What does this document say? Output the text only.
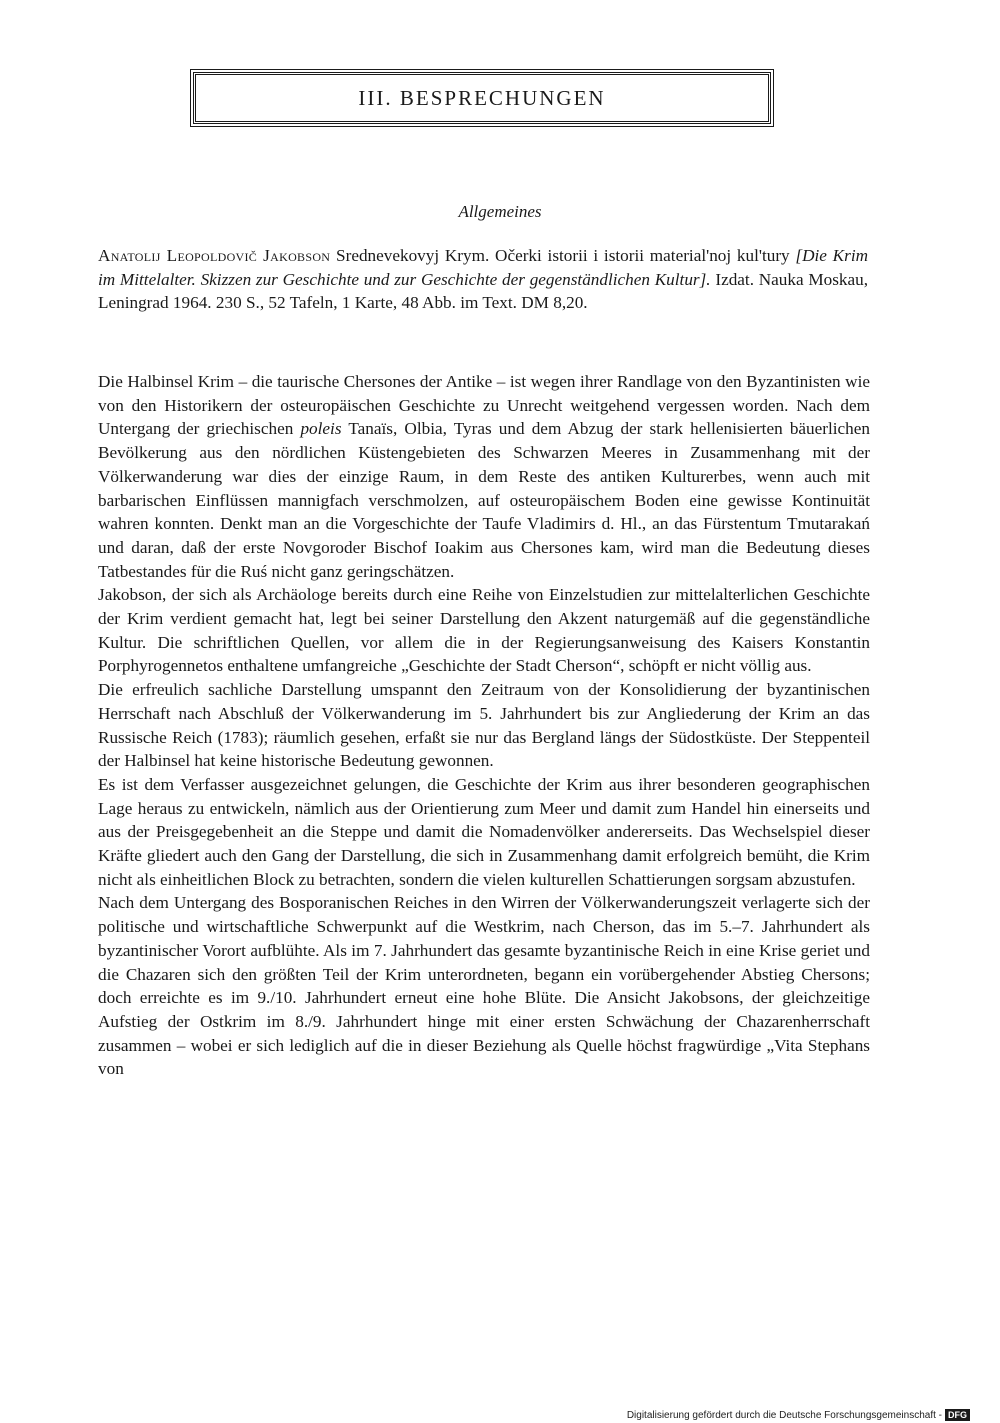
III. BESPRECHUNGEN
Allgemeines
Anatolij Leopoldovič Jakobson Srednevekovyj Krym. Očerki istorii i istorii material'noj kul'tury [Die Krim im Mittelalter. Skizzen zur Geschichte und zur Geschichte der gegenständlichen Kultur]. Izdat. Nauka Moskau, Leningrad 1964. 230 S., 52 Tafeln, 1 Karte, 48 Abb. im Text. DM 8,20.

Die Halbinsel Krim – die taurische Chersones der Antike – ist wegen ihrer Randlage von den Byzantinisten wie von den Historikern der osteuropäischen Geschichte zu Unrecht weitgehend vergessen worden. Nach dem Untergang der griechischen poleis Tanaïs, Olbia, Tyras und dem Abzug der stark hellenisierten bäuerlichen Bevölkerung aus den nördlichen Küstengebieten des Schwarzen Meeres in Zusammenhang mit der Völkerwanderung war dies der einzige Raum, in dem Reste des antiken Kulturerbes, wenn auch mit barbarischen Einflüssen mannigfach verschmolzen, auf osteuropäischem Boden eine gewisse Kontinuität wahren konnten. Denkt man an die Vorgeschichte der Taufe Vladimirs d. Hl., an das Fürstentum Tmutarakań und daran, daß der erste Novgoroder Bischof Ioakim aus Chersones kam, wird man die Bedeutung dieses Tatbestandes für die Ruś nicht ganz geringschätzen.

Jakobson, der sich als Archäologe bereits durch eine Reihe von Einzelstudien zur mittelalterlichen Geschichte der Krim verdient gemacht hat, legt bei seiner Darstellung den Akzent naturgemäß auf die gegenständliche Kultur. Die schriftlichen Quellen, vor allem die in der Regierungsanweisung des Kaisers Konstantin Porphyrogennetos enthaltene umfangreiche „Geschichte der Stadt Cherson“, schöpft er nicht völlig aus.

Die erfreulich sachliche Darstellung umspannt den Zeitraum von der Konsolidierung der byzantinischen Herrschaft nach Abschluß der Völkerwanderung im 5. Jahrhundert bis zur Angliederung der Krim an das Russische Reich (1783); räumlich gesehen, erfaßt sie nur das Bergland längs der Südostküste. Der Steppenteil der Halbinsel hat keine historische Bedeutung gewonnen.

Es ist dem Verfasser ausgezeichnet gelungen, die Geschichte der Krim aus ihrer besonderen geographischen Lage heraus zu entwickeln, nämlich aus der Orientierung zum Meer und damit zum Handel hin einerseits und aus der Preisgegebenheit an die Steppe und damit die Nomadenvölker andererseits. Das Wechselspiel dieser Kräfte gliedert auch den Gang der Darstellung, die sich in Zusammenhang damit erfolgreich bemüht, die Krim nicht als einheitlichen Block zu betrachten, sondern die vielen kulturellen Schattierungen sorgsam abzustufen.

Nach dem Untergang des Bosporanischen Reiches in den Wirren der Völkerwanderungszeit verlagerte sich der politische und wirtschaftliche Schwerpunkt auf die Westkrim, nach Cherson, das im 5.–7. Jahrhundert als byzantinischer Vorort aufblühte. Als im 7. Jahrhundert das gesamte byzantinische Reich in eine Krise geriet und die Chazaren sich den größten Teil der Krim unterordneten, begann ein vorübergehender Abstieg Chersons; doch erreichte es im 9./10. Jahrhundert erneut eine hohe Blüte. Die Ansicht Jakobsons, der gleichzeitige Aufstieg der Ostkrim im 8./9. Jahrhundert hinge mit einer ersten Schwächung der Chazarenherrschaft zusammen – wobei er sich lediglich auf die in dieser Beziehung als Quelle höchst fragwürdige „Vita Stephans von

Digitalisierung gefördert durch die Deutsche Forschungsgemeinschaft - DFG
